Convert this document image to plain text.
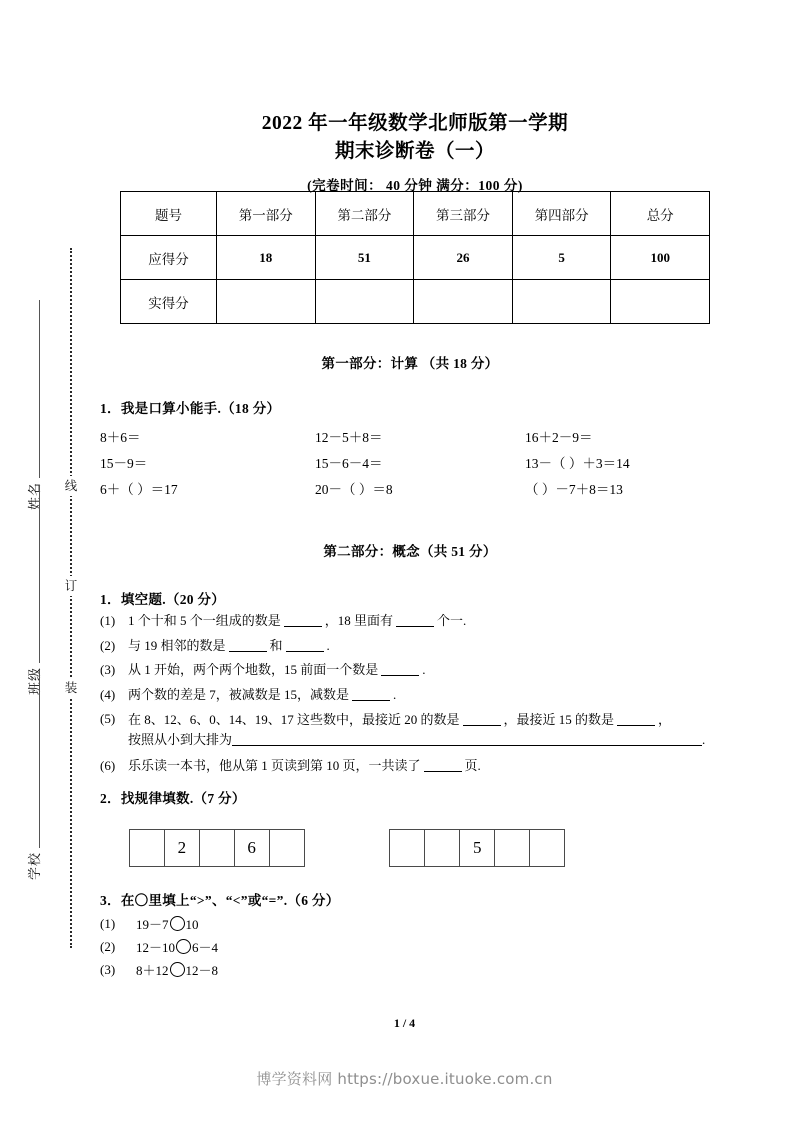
姓名
班级
学校
线
订
装
2022 年一年级数学北师版第一学期
期末诊断卷（一）
(完卷时间： 40 分钟 满分：100 分)
题号	第一部分	第二部分	第三部分	第四部分	总分
应得分	18	51	26	5	100
实得分					
第一部分：计算 （共 18 分）
1．我是口算小能手.（18 分）
8＋6＝	12－5＋8＝	16＋2－9＝
15－9＝	15－6－4＝	13－（ ）＋3＝14
6＋（ ）＝17	20－（ ）＝8	（ ）－7＋8＝13
第二部分：概念（共 51 分）
1．填空题.（20 分）
(1) 1 个十和 5 个一组成的数是	，18 里面有	个一.
(2) 与 19 相邻的数是	和	.
(3) 从 1 开始，两个两个地数，15 前面一个数是	.
(4) 两个数的差是 7，被减数是 15，减数是	.
(5) 在 8、12、6、0、14、19、17 这些数中，最接近 20 的数是	，最接近 15 的数是	，
按照从小到大排为	.
(6) 乐乐读一本书，他从第 1 页读到第 10 页，一共读了	页.
2．找规律填数.（7 分）
2	6	5
3．在〇里填上“>”、“<”或“=”.（6 分）
(1)	19－7 10
(2)	12－10 6－4
(3)	8＋12 12－8
1 / 4
博学资料网 https://boxue.ituoke.com.cn
